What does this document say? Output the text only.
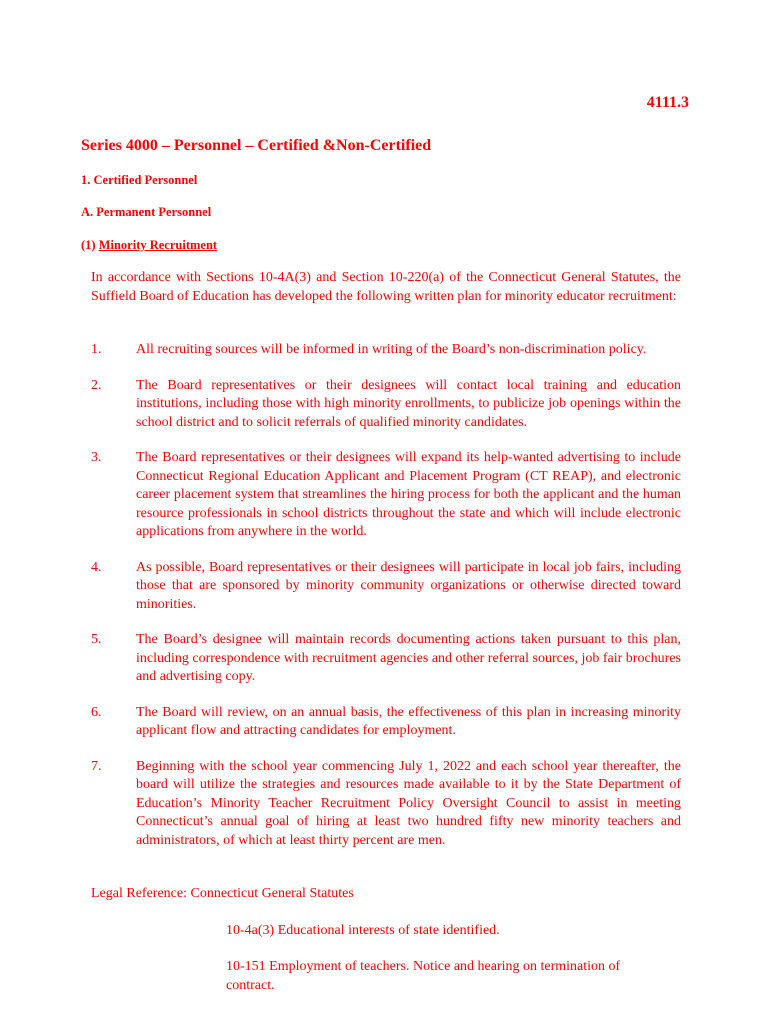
4111.3
Series 4000 – Personnel – Certified &Non-Certified
1. Certified Personnel
A. Permanent Personnel
(1) Minority Recruitment

In accordance with Sections 10-4A(3) and Section 10-220(a) of the Connecticut General Statutes, the Suffield Board of Education has developed the following written plan for minority educator recruitment:

1.	All recruiting sources will be informed in writing of the Board’s non-discrimination policy.
2.	The Board representatives or their designees will contact local training and education institutions, including those with high minority enrollments, to publicize job openings within the school district and to solicit referrals of qualified minority candidates.
3.	The Board representatives or their designees will expand its help-wanted advertising to include Connecticut Regional Education Applicant and Placement Program (CT REAP), and electronic career placement system that streamlines the hiring process for both the applicant and the human resource professionals in school districts throughout the state and which will include electronic applications from anywhere in the world.
4.	As possible, Board representatives or their designees will participate in local job fairs, including those that are sponsored by minority community organizations or otherwise directed toward minorities.
5.	The Board’s designee will maintain records documenting actions taken pursuant to this plan, including correspondence with recruitment agencies and other referral sources, job fair brochures and advertising copy.
6.	The Board will review, on an annual basis, the effectiveness of this plan in increasing minority applicant flow and attracting candidates for employment.
7.	Beginning with the school year commencing July 1, 2022 and each school year thereafter, the board will utilize the strategies and resources made available to it by the State Department of Education’s Minority Teacher Recruitment Policy Oversight Council to assist in meeting Connecticut’s annual goal of hiring at least two hundred fifty new minority teachers and administrators, of which at least thirty percent are men.
Legal Reference: Connecticut General Statutes
10-4a(3) Educational interests of state identified.
10-151 Employment of teachers. Notice and hearing on termination of contract.
